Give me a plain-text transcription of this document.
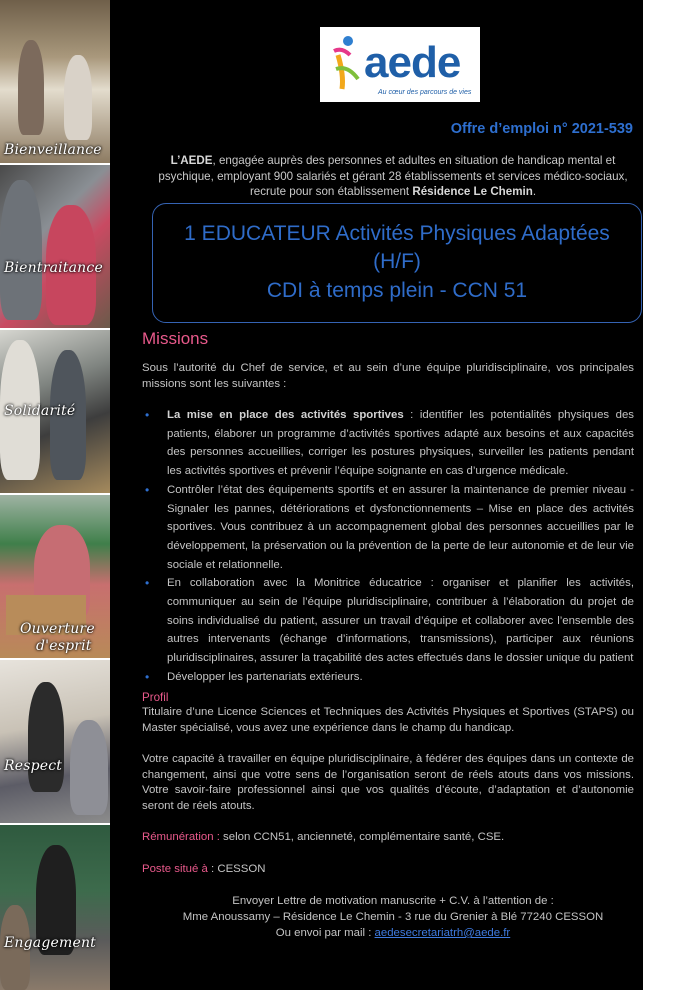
Bienveillance
Bientraitance
Solidarité
Ouverture
d'esprit
Respect
Engagement
aede
Au cœur des parcours de vies
Offre d’emploi n° 2021-539
L’AEDE, engagée auprès des personnes et adultes en situation de handicap mental et psychique, employant 900 salariés et gérant 28 établissements et services médico-sociaux, recrute pour son établissement Résidence Le Chemin.
1 EDUCATEUR Activités Physiques Adaptées
(H/F)
CDI à temps plein - CCN 51
Missions
Sous l’autorité du Chef de service, et au sein d’une équipe pluridisciplinaire, vos principales missions sont les suivantes :
• La mise en place des activités sportives : identifier les potentialités physiques des patients, élaborer un programme d’activités sportives adapté aux besoins et aux capacités des personnes accueillies, corriger les postures physiques, surveiller les patients pendant les activités sportives et prévenir l’équipe soignante en cas d’urgence médicale.
• Contrôler l’état des équipements sportifs et en assurer la maintenance de premier niveau - Signaler les pannes, détériorations et dysfonctionnements – Mise en place des activités sportives. Vous contribuez à un accompagnement global des personnes accueillies par le développement, la préservation ou la prévention de la perte de leur autonomie et de leur vie sociale et relationnelle.
• En collaboration avec la Monitrice éducatrice : organiser et planifier les activités, communiquer au sein de l’équipe pluridisciplinaire, contribuer à l’élaboration du projet de soins individualisé du patient, assurer un travail d’équipe et collaborer avec l’ensemble des autres intervenants (échange d’informations, transmissions), participer aux réunions pluridisciplinaires, assurer la traçabilité des actes effectués dans le dossier unique du patient
• Développer les partenariats extérieurs.
Profil
Titulaire d’une Licence Sciences et Techniques des Activités Physiques et Sportives (STAPS) ou Master spécialisé, vous avez une expérience dans le champ du handicap.
Votre capacité à travailler en équipe pluridisciplinaire, à fédérer des équipes dans un contexte de changement, ainsi que votre sens de l’organisation seront de réels atouts dans vos missions. Votre savoir-faire professionnel ainsi que vos qualités d’écoute, d’adaptation et d’autonomie seront de réels atouts.
Rémunération : selon CCN51, ancienneté, complémentaire santé, CSE.
Poste situé à : CESSON
Envoyer Lettre de motivation manuscrite + C.V. à l’attention de :
Mme Anoussamy – Résidence Le Chemin - 3 rue du Grenier à Blé 77240 CESSON
Ou envoi par mail : aedesecretariatrh@aede.fr
